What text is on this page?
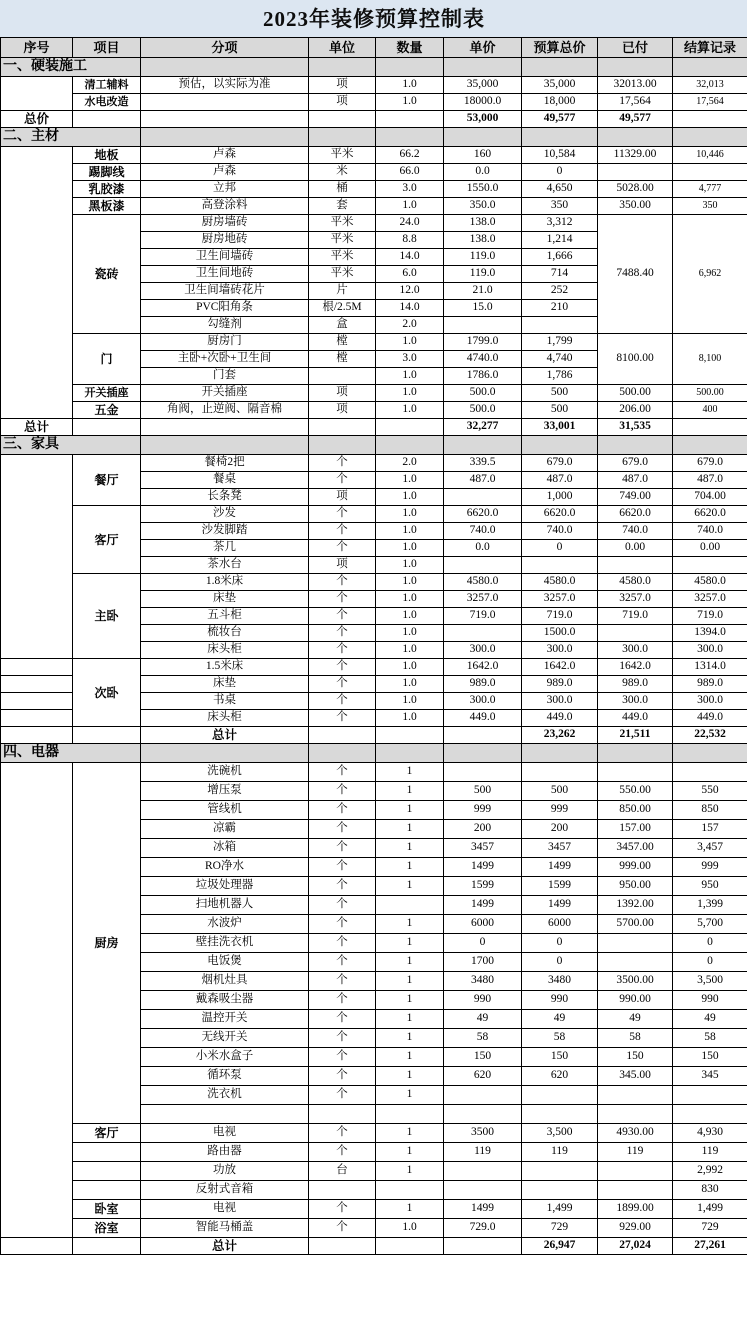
2023年装修预算控制表								
序号	项目	分项	单位	数量	单价	预算总价	已付	结算记录
一、硬装施工								
	清工辅料	预估，以实际为准	项	1.0	35,000	35,000	32013.00	32,013
	水电改造		项	1.0	18000.0	18,000	17,564	17,564
总价					53,000	49,577	49,577	
二、主材								
	地板	卢森	平米	66.2	160	10,584	11329.00	10,446
	踢脚线	卢森	米	66.0	0.0	0		
	乳胶漆	立邦	桶	3.0	1550.0	4,650	5028.00	4,777
	黑板漆	高登涂料	套	1.0	350.0	350	350.00	350
	瓷砖	厨房墙砖	平米	24.0	138.0	3,312	7488.40	6,962
		厨房地砖	平米	8.8	138.0	1,214		
		卫生间墙砖	平米	14.0	119.0	1,666		
		卫生间地砖	平米	6.0	119.0	714		
		卫生间墙砖花片	片	12.0	21.0	252		
		PVC阳角条	根/2.5M	14.0	15.0	210		
		勾缝剂	盒	2.0				
	门	厨房门	樘	1.0	1799.0	1,799	8100.00	8,100
		主卧+次卧+卫生间	樘	3.0	4740.0	4,740		
		门套		1.0	1786.0	1,786		
	开关插座	开关插座	项	1.0	500.0	500	500.00	500.00
	五金	角阀，止逆阀、隔音棉	项	1.0	500.0	500	206.00	400
总计					32,277	33,001	31,535	
三、家具								
	餐厅	餐椅2把	个	2.0	339.5	679.0	679.0	679.0
		餐桌	个	1.0	487.0	487.0	487.0	487.0
		长条凳	项	1.0		1,000	749.00	704.00
	客厅	沙发	个	1.0	6620.0	6620.0	6620.0	6620.0
		沙发脚踏	个	1.0	740.0	740.0	740.0	740.0
		茶几	个	1.0	0.0	0	0.00	0.00
		茶水台	项	1.0				
	主卧	1.8米床	个	1.0	4580.0	4580.0	4580.0	4580.0
		床垫	个	1.0	3257.0	3257.0	3257.0	3257.0
		五斗柜	个	1.0	719.0	719.0	719.0	719.0
		梳妆台	个	1.0		1500.0		1394.0
		床头柜	个	1.0	300.0	300.0	300.0	300.0
	次卧	1.5米床	个	1.0	1642.0	1642.0	1642.0	1314.0
		床垫	个	1.0	989.0	989.0	989.0	989.0
		书桌	个	1.0	300.0	300.0	300.0	300.0
		床头柜	个	1.0	449.0	449.0	449.0	449.0
		总计				23,262	21,511	22,532
四、电器								
	厨房	洗碗机	个	1				
		增压泵	个	1	500	500	550.00	550
		管线机	个	1	999	999	850.00	850
		凉霸	个	1	200	200	157.00	157
		冰箱	个	1	3457	3457	3457.00	3,457
		RO净水	个	1	1499	1499	999.00	999
		垃圾处理器	个	1	1599	1599	950.00	950
		扫地机器人	个		1499	1499	1392.00	1,399
		水波炉	个	1	6000	6000	5700.00	5,700
		壁挂洗衣机	个	1	0	0		0
		电饭煲	个	1	1700	0		0
		烟机灶具	个	1	3480	3480	3500.00	3,500
		戴森吸尘器	个	1	990	990	990.00	990
		温控开关	个	1	49	49	49	49
		无线开关	个	1	58	58	58	58
		小米水盒子	个	1	150	150	150	150
		循环泵	个	1	620	620	345.00	345
		洗衣机	个	1				

	客厅	电视	个	1	3500	3,500	4930.00	4,930
		路由器	个	1	119	119	119	119
		功放	台	1				2,992
		反射式音箱						830
	卧室	电视	个	1	1499	1,499	1899.00	1,499
	浴室	智能马桶盖	个	1.0	729.0	729	929.00	729
		总计				26,947	27,024	27,261
